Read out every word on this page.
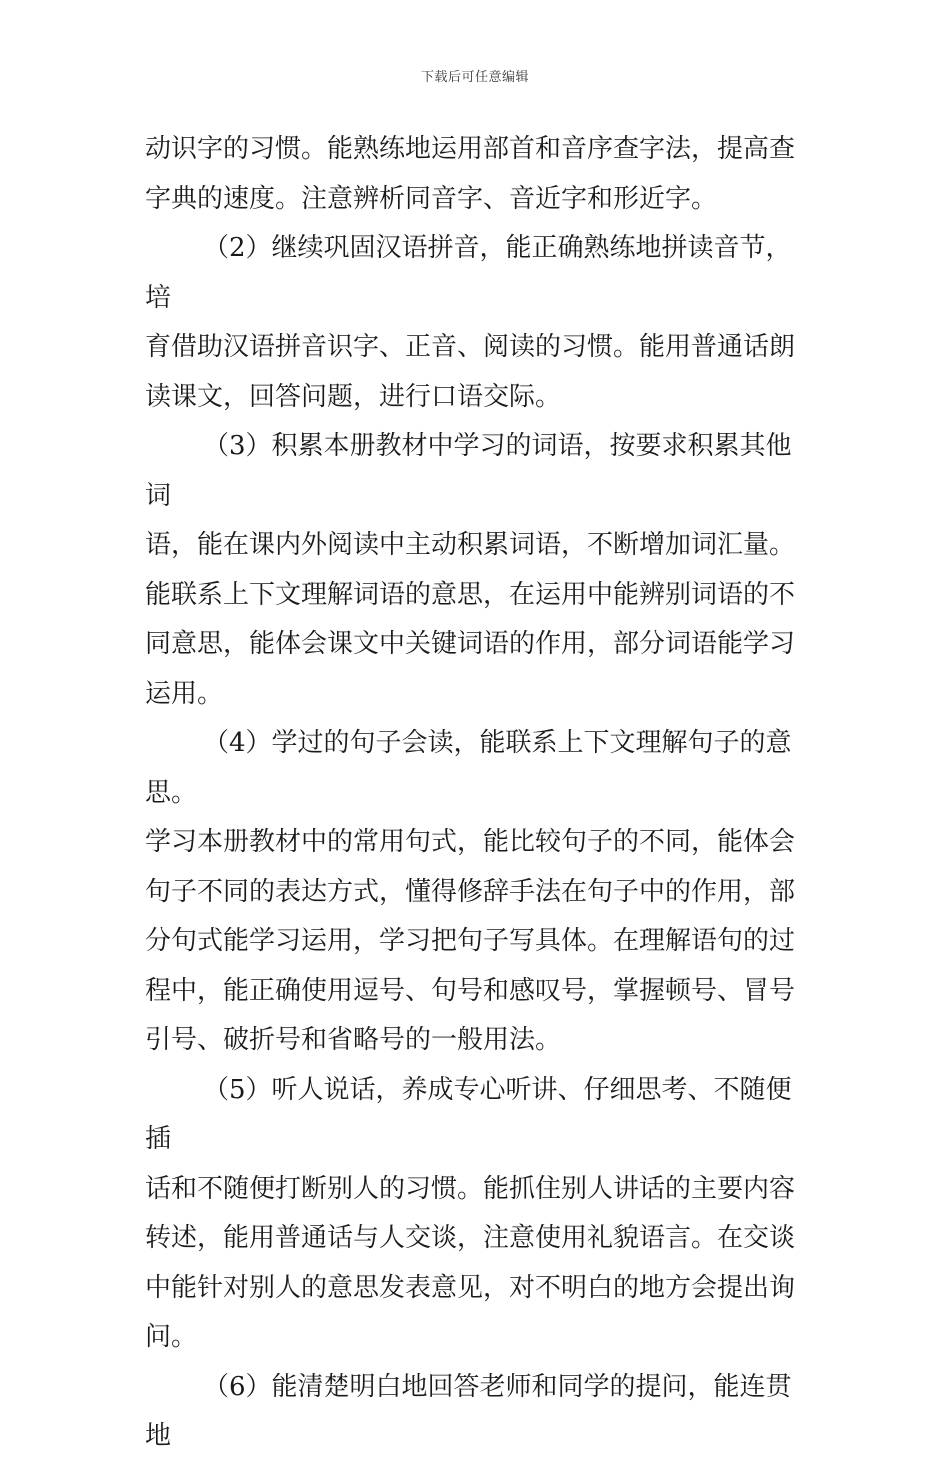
下载后可任意编辑

动识字的习惯。能熟练地运用部首和音序查字法，提高查
字典的速度。注意辨析同音字、音近字和形近字。

（2）继续巩固汉语拼音，能正确熟练地拼读音节，培
育借助汉语拼音识字、正音、阅读的习惯。能用普通话朗
读课文，回答问题，进行口语交际。

（3）积累本册教材中学习的词语，按要求积累其他词
语，能在课内外阅读中主动积累词语，不断增加词汇量。
能联系上下文理解词语的意思，在运用中能辨别词语的不
同意思，能体会课文中关键词语的作用，部分词语能学习
运用。

（4）学过的句子会读，能联系上下文理解句子的意思。
学习本册教材中的常用句式，能比较句子的不同，能体会
句子不同的表达方式，懂得修辞手法在句子中的作用，部
分句式能学习运用，学习把句子写具体。在理解语句的过
程中，能正确使用逗号、句号和感叹号，掌握顿号、冒号
引号、破折号和省略号的一般用法。

（5）听人说话，养成专心听讲、仔细思考、不随便插
话和不随便打断别人的习惯。能抓住别人讲话的主要内容
转述，能用普通话与人交谈，注意使用礼貌语言。在交谈
中能针对别人的意思发表意见，对不明白的地方会提出询
问。

（6）能清楚明白地回答老师和同学的提问，能连贯地
